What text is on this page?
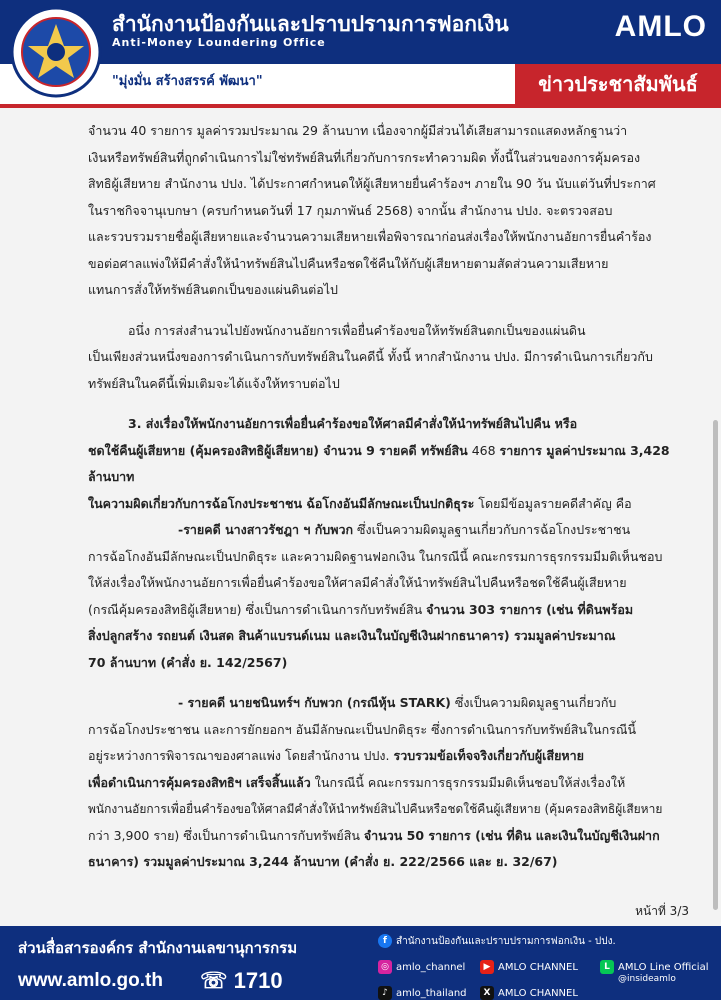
สำนักงานป้องกันและปราบปรามการฟอกเงิน
Anti-Money Loundering Office	AMLO
"มุ่งมั่น สร้างสรรค์ พัฒนา"	ข่าวประชาสัมพันธ์

จำนวน 40 รายการ มูลค่ารวมประมาณ 29 ล้านบาท เนื่องจากผู้มีส่วนได้เสียสามารถแสดงหลักฐานว่า

เงินหรือทรัพย์สินที่ถูกดำเนินการไม่ใช่ทรัพย์สินที่เกี่ยวกับการกระทำความผิด ทั้งนี้ในส่วนของการคุ้มครอง

สิทธิผู้เสียหาย สำนักงาน ปปง. ได้ประกาศกำหนดให้ผู้เสียหายยื่นคำร้องฯ ภายใน 90 วัน นับแต่วันที่ประกาศ

ในราชกิจจานุเบกษา (ครบกำหนดวันที่ 17 กุมภาพันธ์ 2568) จากนั้น สำนักงาน ปปง. จะตรวจสอบ

และรวบรวมรายชื่อผู้เสียหายและจำนวนความเสียหายเพื่อพิจารณาก่อนส่งเรื่องให้พนักงานอัยการยื่นคำร้อง

ขอต่อศาลแพ่งให้มีคำสั่งให้นำทรัพย์สินไปคืนหรือชดใช้คืนให้กับผู้เสียหายตามสัดส่วนความเสียหาย

แทนการสั่งให้ทรัพย์สินตกเป็นของแผ่นดินต่อไป

อนึ่ง การส่งสำนวนไปยังพนักงานอัยการเพื่อยื่นคำร้องขอให้ทรัพย์สินตกเป็นของแผ่นดิน

เป็นเพียงส่วนหนึ่งของการดำเนินการกับทรัพย์สินในคดีนี้ ทั้งนี้ หากสำนักงาน ปปง. มีการดำเนินการเกี่ยวกับ

ทรัพย์สินในคดีนี้เพิ่มเติมจะได้แจ้งให้ทราบต่อไป

3. ส่งเรื่องให้พนักงานอัยการเพื่อยื่นคำร้องขอให้ศาลมีคำสั่งให้นำทรัพย์สินไปคืน หรือ

ชดใช้คืนผู้เสียหาย (คุ้มครองสิทธิผู้เสียหาย) จำนวน 9 รายคดี ทรัพย์สิน 468 รายการ มูลค่าประมาณ 3,428 ล้านบาท

ในความผิดเกี่ยวกับการฉ้อโกงประชาชน ฉ้อโกงอันมีลักษณะเป็นปกติธุระ โดยมีข้อมูลรายคดีสำคัญ คือ

-รายคดี นางสาวรัชฎา ฯ กับพวก ซึ่งเป็นความผิดมูลฐานเกี่ยวกับการฉ้อโกงประชาชน

การฉ้อโกงอันมีลักษณะเป็นปกติธุระ และความผิดฐานฟอกเงิน ในกรณีนี้ คณะกรรมการธุรกรรมมีมติเห็นชอบ

ให้ส่งเรื่องให้พนักงานอัยการเพื่อยื่นคำร้องขอให้ศาลมีคำสั่งให้นำทรัพย์สินไปคืนหรือชดใช้คืนผู้เสียหาย

(กรณีคุ้มครองสิทธิผู้เสียหาย) ซึ่งเป็นการดำเนินการกับทรัพย์สิน จำนวน 303 รายการ (เช่น ที่ดินพร้อม

สิ่งปลูกสร้าง รถยนต์ เงินสด สินค้าแบรนด์เนม และเงินในบัญชีเงินฝากธนาคาร) รวมมูลค่าประมาณ

70 ล้านบาท (คำสั่ง ย. 142/2567)

- รายคดี นายชนินทร์ฯ กับพวก (กรณีหุ้น STARK) ซึ่งเป็นความผิดมูลฐานเกี่ยวกับ

การฉ้อโกงประชาชน และการยักยอกฯ อันมีลักษณะเป็นปกติธุระ ซึ่งการดำเนินการกับทรัพย์สินในกรณีนี้

อยู่ระหว่างการพิจารณาของศาลแพ่ง โดยสำนักงาน ปปง. รวบรวมข้อเท็จจริงเกี่ยวกับผู้เสียหาย

เพื่อดำเนินการคุ้มครองสิทธิฯ เสร็จสิ้นแล้ว ในกรณีนี้ คณะกรรมการธุรกรรมมีมติเห็นชอบให้ส่งเรื่องให้

พนักงานอัยการเพื่อยื่นคำร้องขอให้ศาลมีคำสั่งให้นำทรัพย์สินไปคืนหรือชดใช้คืนผู้เสียหาย (คุ้มครองสิทธิผู้เสียหาย

กว่า 3,900 ราย) ซึ่งเป็นการดำเนินการกับทรัพย์สิน จำนวน 50 รายการ (เช่น ที่ดิน และเงินในบัญชีเงินฝาก

ธนาคาร) รวมมูลค่าประมาณ 3,244 ล้านบาท (คำสั่ง ย. 222/2566 และ ย. 32/67)

หน้าที่ 3/3
ส่วนสื่อสารองค์กร สำนักงานเลขานุการกรม
www.amlo.go.th ☏ 1710
f สำนักงานป้องกันและปราบปรามการฟอกเงิน - ปปง.
◎ amlo_channel	▶ AMLO CHANNEL	L AMLO Line Official
@insideamlo
♪ amlo_thailand	X AMLO CHANNEL
